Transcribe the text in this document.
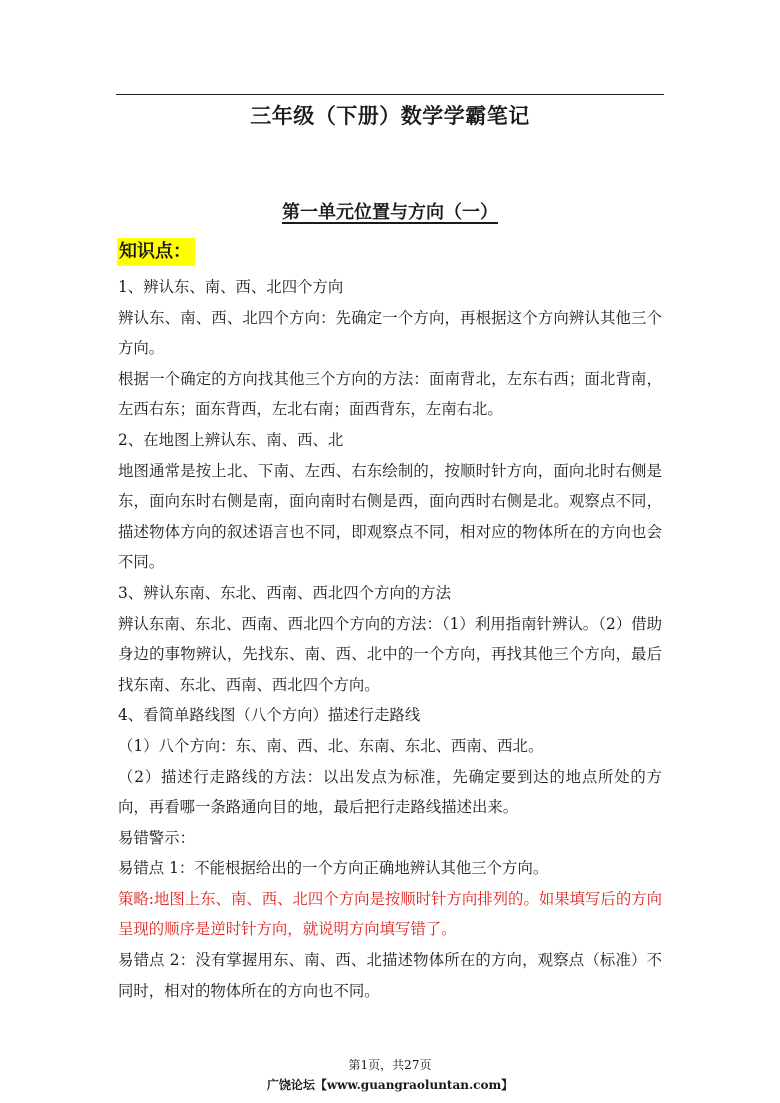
三年级（下册）数学学霸笔记
第一单元位置与方向（一）
知识点：

1、辨认东、南、西、北四个方向

辨认东、南、西、北四个方向：先确定一个方向，再根据这个方向辨认其他三个方向。

根据一个确定的方向找其他三个方向的方法：面南背北，左东右西；面北背南，左西右东；面东背西，左北右南；面西背东，左南右北。

2、在地图上辨认东、南、西、北

地图通常是按上北、下南、左西、右东绘制的，按顺时针方向，面向北时右侧是东，面向东时右侧是南，面向南时右侧是西，面向西时右侧是北。观察点不同，描述物体方向的叙述语言也不同，即观察点不同，相对应的物体所在的方向也会不同。

3、辨认东南、东北、西南、西北四个方向的方法

辨认东南、东北、西南、西北四个方向的方法：（1）利用指南针辨认。（2）借助身边的事物辨认，先找东、南、西、北中的一个方向，再找其他三个方向，最后找东南、东北、西南、西北四个方向。

4、看简单路线图（八个方向）描述行走路线

（1）八个方向：东、南、西、北、东南、东北、西南、西北。

（2）描述行走路线的方法：以出发点为标准，先确定要到达的地点所处的方向，再看哪一条路通向目的地，最后把行走路线描述出来。

易错警示：

易错点 1：不能根据给出的一个方向正确地辨认其他三个方向。

策略:地图上东、南、西、北四个方向是按顺时针方向排列的。如果填写后的方向呈现的顺序是逆时针方向，就说明方向填写错了。

易错点 2：没有掌握用东、南、西、北描述物体所在的方向，观察点（标准）不同时，相对的物体所在的方向也不同。

第1页，共27页
广饶论坛【www.guangraoluntan.com】
